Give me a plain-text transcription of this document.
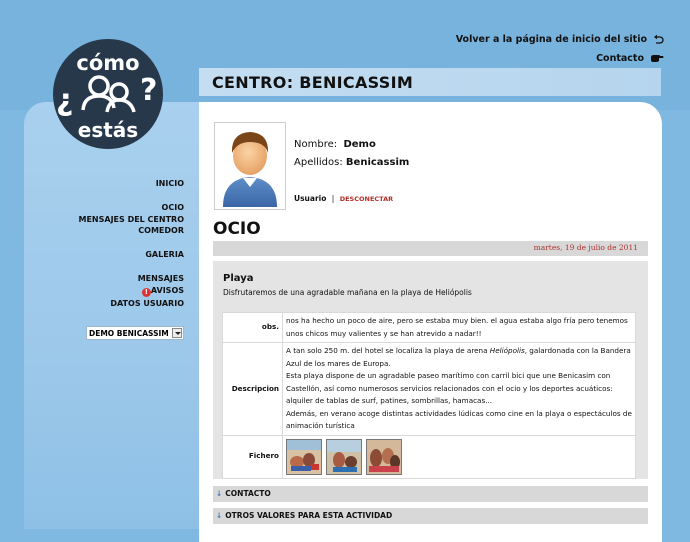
cómo
estás
¿ ?
Volver a la página de inicio del sitio
Contacto
CENTRO: BENICASSIM
INICIO
OCIO
MENSAJES DEL CENTRO
COMEDOR
GALERIA
MENSAJES
! AVISOS
DATOS USUARIO
DEMO BENICASSIM
Nombre: Demo
Apellidos: Benicassim
Usuario | DESCONECTAR
OCIO
martes, 19 de julio de 2011
Playa
Disfrutaremos de una agradable mañana en la playa de Heliópolis
obs.	nos ha hecho un poco de aire, pero se estaba muy bien. el agua estaba algo fría pero tenemos unos chicos muy valientes y se han atrevido a nadar!!
Descripcion	A tan solo 250 m. del hotel se localiza la playa de arena Heliópolis, galardonada con la Bandera Azul de los mares de Europa.
Esta playa dispone de un agradable paseo marítimo con carril bici que une Benicasim con Castellón, así como numerosos servicios relacionados con el ocio y los deportes acuáticos: alquiler de tablas de surf, patines, sombrillas, hamacas...
Además, en verano acoge distintas actividades lúdicas como cine en la playa o espectáculos de animación turística
Fichero	
↓ CONTACTO
↓ OTROS VALORES PARA ESTA ACTIVIDAD
